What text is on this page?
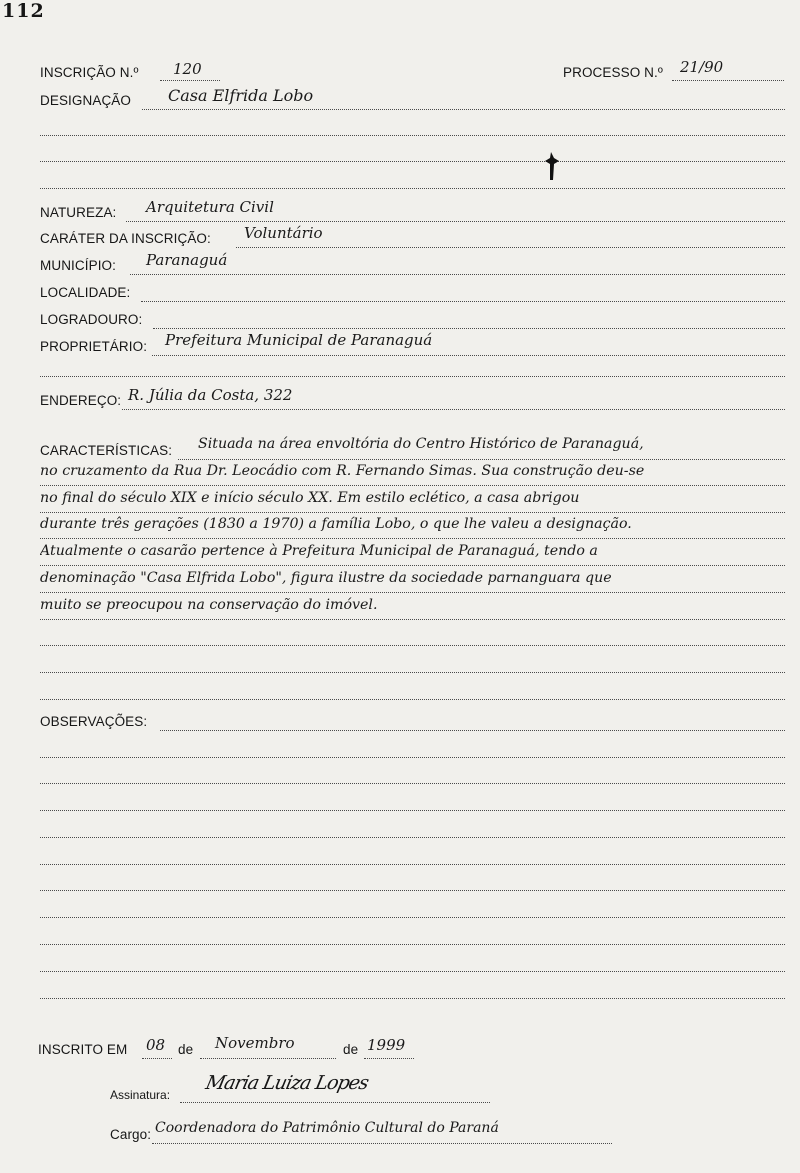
112
INSCRIÇÃO N.º 120	PROCESSO N.º 21/90
DESIGNAÇÃO Casa Elfrida Lobo
NATUREZA: Arquitetura Civil
CARÁTER DA INSCRIÇÃO: Voluntário
MUNICÍPIO: Paranaguá
LOCALIDADE:
LOGRADOURO:
PROPRIETÁRIO: Prefeitura Municipal de Paranaguá
ENDEREÇO: R. Júlia da Costa, 322
CARACTERÍSTICAS: Situada na área envoltória do Centro Histórico de Paranaguá,
no cruzamento da Rua Dr. Leocádio com R. Fernando Simas. Sua construção deu-se
no final do século XIX e início século XX. Em estilo eclético, a casa abrigou
durante três gerações (1830 a 1970) a família Lobo, o que lhe valeu a designação.
Atualmente o casarão pertence à Prefeitura Municipal de Paranaguá, tendo a
denominação "Casa Elfrida Lobo", figura ilustre da sociedade parnanguara que
muito se preocupou na conservação do imóvel.
OBSERVAÇÕES:
INSCRITO EM 08 de Novembro	de 1999
Assinatura:
Maria Luiza Lopes
Cargo: Coordenadora do Patrimônio Cultural do Paraná
